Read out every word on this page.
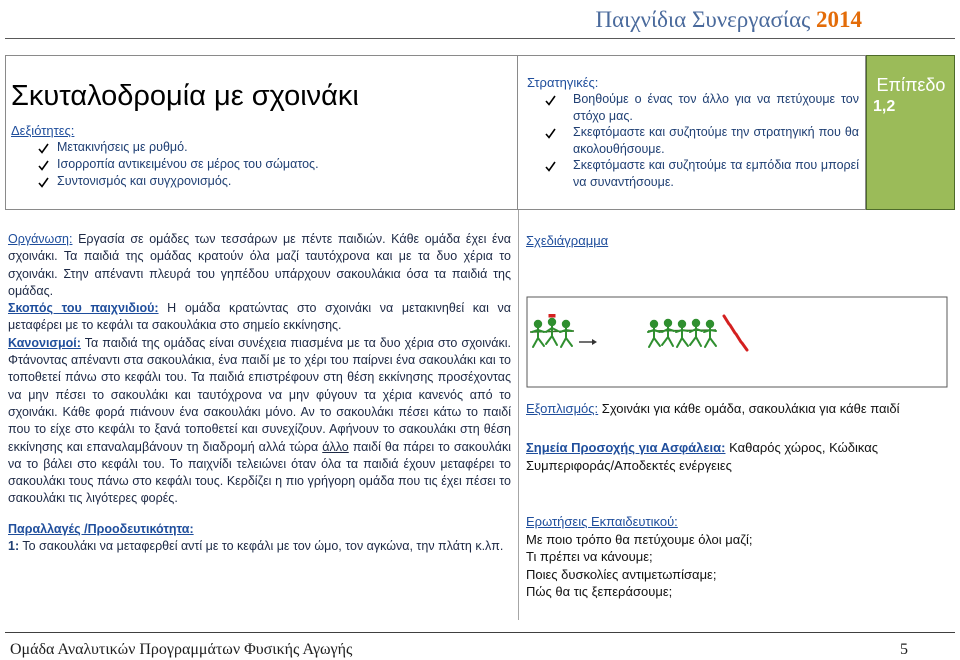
Παιχνίδια Συνεργασίας 2014
Σκυταλοδρομία με σχοινάκι
Δεξιότητες:
Μετακινήσεις με ρυθμό.
Ισορροπία αντικειμένου σε μέρος του σώματος.
Συντονισμός και συγχρονισμός.
Στρατηγικές:
Βοηθούμε ο ένας τον άλλο για να πετύχουμε τον στόχο μας.
Σκεφτόμαστε και συζητούμε την στρατηγική που θα ακολουθήσουμε.
Σκεφτόμαστε και συζητούμε τα εμπόδια που μπορεί να συναντήσουμε.
Επίπεδο
1,2

Οργάνωση: Εργασία σε ομάδες των τεσσάρων με πέντε παιδιών. Κάθε ομάδα έχει ένα σχοινάκι. Τα παιδιά της ομάδας κρατούν όλα μαζί ταυτόχρονα και με τα δυο χέρια το σχοινάκι. Στην απέναντι πλευρά του γηπέδου υπάρχουν σακουλάκια όσα τα παιδιά της ομάδας.

Σκοπός του παιχνιδιού: Η ομάδα κρατώντας στο σχοινάκι να μετακινηθεί και να μεταφέρει με το κεφάλι τα σακουλάκια στο σημείο εκκίνησης.

Κανονισμοί: Τα παιδιά της ομάδας είναι συνέχεια πιασμένα με τα δυο χέρια στο σχοινάκι. Φτάνοντας απέναντι στα σακουλάκια, ένα παιδί με το χέρι του παίρνει ένα σακουλάκι και το τοποθετεί πάνω στο κεφάλι του. Τα παιδιά επιστρέφουν στη θέση εκκίνησης προσέχοντας να μην πέσει το σακουλάκι και ταυτόχρονα να μην φύγουν τα χέρια κανενός από το σχοινάκι. Κάθε φορά πιάνουν ένα σακουλάκι μόνο. Αν το σακουλάκι πέσει κάτω το παιδί που το είχε στο κεφάλι το ξανά τοποθετεί και συνεχίζουν. Αφήνουν το σακουλάκι στη θέση εκκίνησης και επαναλαμβάνουν τη διαδρομή αλλά τώρα άλλο παιδί θα πάρει το σακουλάκι να το βάλει στο κεφάλι του. Το παιχνίδι τελειώνει όταν όλα τα παιδιά έχουν μεταφέρει το σακουλάκι τους πάνω στο κεφάλι τους. Κερδίζει η πιο γρήγορη ομάδα που τις έχει πέσει το σακουλάκι τις λιγότερες φορές.

Παραλλαγές /Προοδευτικότητα:

1: Το σακουλάκι να μεταφερθεί αντί με το κεφάλι με τον ώμο, τον αγκώνα, την πλάτη κ.λπ.

Σχεδιάγραμμα
Εξοπλισμός: Σχοινάκι για κάθε ομάδα, σακουλάκια για κάθε παιδί
Σημεία Προσοχής για Ασφάλεια: Καθαρός χώρος, Κώδικας Συμπεριφοράς/Αποδεκτές ενέργειες
Ερωτήσεις Εκπαιδευτικού:
Με ποιο τρόπο θα πετύχουμε όλοι μαζί;
Τι πρέπει να κάνουμε;
Ποιες δυσκολίες αντιμετωπίσαμε;
Πώς θα τις ξεπεράσουμε;
Ομάδα Αναλυτικών Προγραμμάτων Φυσικής Αγωγής	5
